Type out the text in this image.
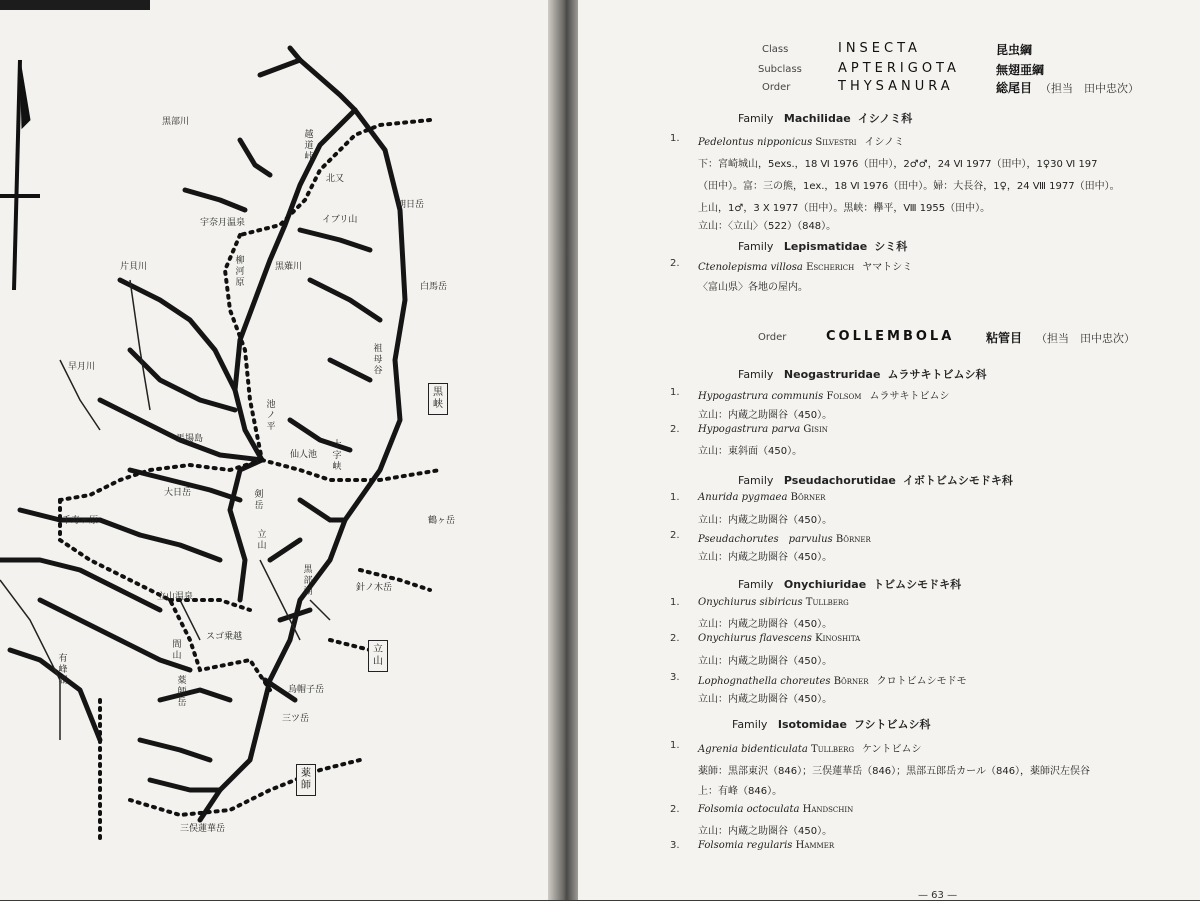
黒部川
越道峠
北又
朝日岳
宇奈月温泉	イブリ山
片貝川
柳河原
黒薙川
白馬岳
祖母谷
早月川
池ノ平
仙人池
十字峡
馬場島
大日岳	剣岳
千寿ヶ原	鶴ヶ岳
立山
黒部湖	針ノ木岳
立山温泉
スゴ乗越
間山
薬師岳
有峰湖
烏帽子岳
三ツ岳
三俣蓮華岳
黒峡
立山
薬師
Class	INSECTA	昆虫綱
Subclass	APTERIGOTA	無翅亜綱
Order	THYSANURA	総尾目 （担当　田中忠次）
Family Machilidae イシノミ科
1. Pedelontus nipponicus Silvestri イシノミ
下：宮崎城山，5exs.，18 Ⅵ 1976（田中），2♂♂，24 Ⅵ 1977（田中），1♀30 Ⅵ 197
（田中）。富：三の熊，1ex.，18 Ⅵ 1976（田中）。婦：大長谷，1♀，24 Ⅷ 1977（田中）。
上山，1♂，3 Ⅹ 1977（田中）。黒峡：欅平，Ⅷ 1955（田中）。
立山：〈立山〉（522）（848）。
Family Lepismatidae シミ科
2. Ctenolepisma villosa Escherich ヤマトシミ
〈富山県〉各地の屋内。
Order	COLLEMBOLA	粘管目 （担当　田中忠次）
Family Neogastruridae ムラサキトビムシ科
1. Hypogastrura communis Folsom ムラサキトビムシ
立山：内蔵之助圏谷（450）。
2. Hypogastrura parva Gisin
立山：東斜面（450）。
Family Pseudachorutidae イボトビムシモドキ科
1. Anurida pygmaea Börner
立山：内蔵之助圏谷（450）。
2. Pseudachorutes　parvulus Börner
立山：内蔵之助圏谷（450）。
Family Onychiuridae トビムシモドキ科
1. Onychiurus sibiricus Tullberg
立山：内蔵之助圏谷（450）。
2. Onychiurus flavescens Kinoshita
立山：内蔵之助圏谷（450）。
3. Lophognathella choreutes Börner クロトビムシモドモ
立山：内蔵之助圏谷（450）。
Family Isotomidae フシトビムシ科
1. Agrenia bidenticulata Tullberg ケントビムシ
薬師：黒部東沢（846）；三俣蓮華岳（846）；黒部五郎岳カール（846），薬師沢左俣谷
上：有峰（846）。
2. Folsomia octoculata Handschin
立山：内蔵之助圏谷（450）。
3. Folsomia regularis Hammer
— 63 —
